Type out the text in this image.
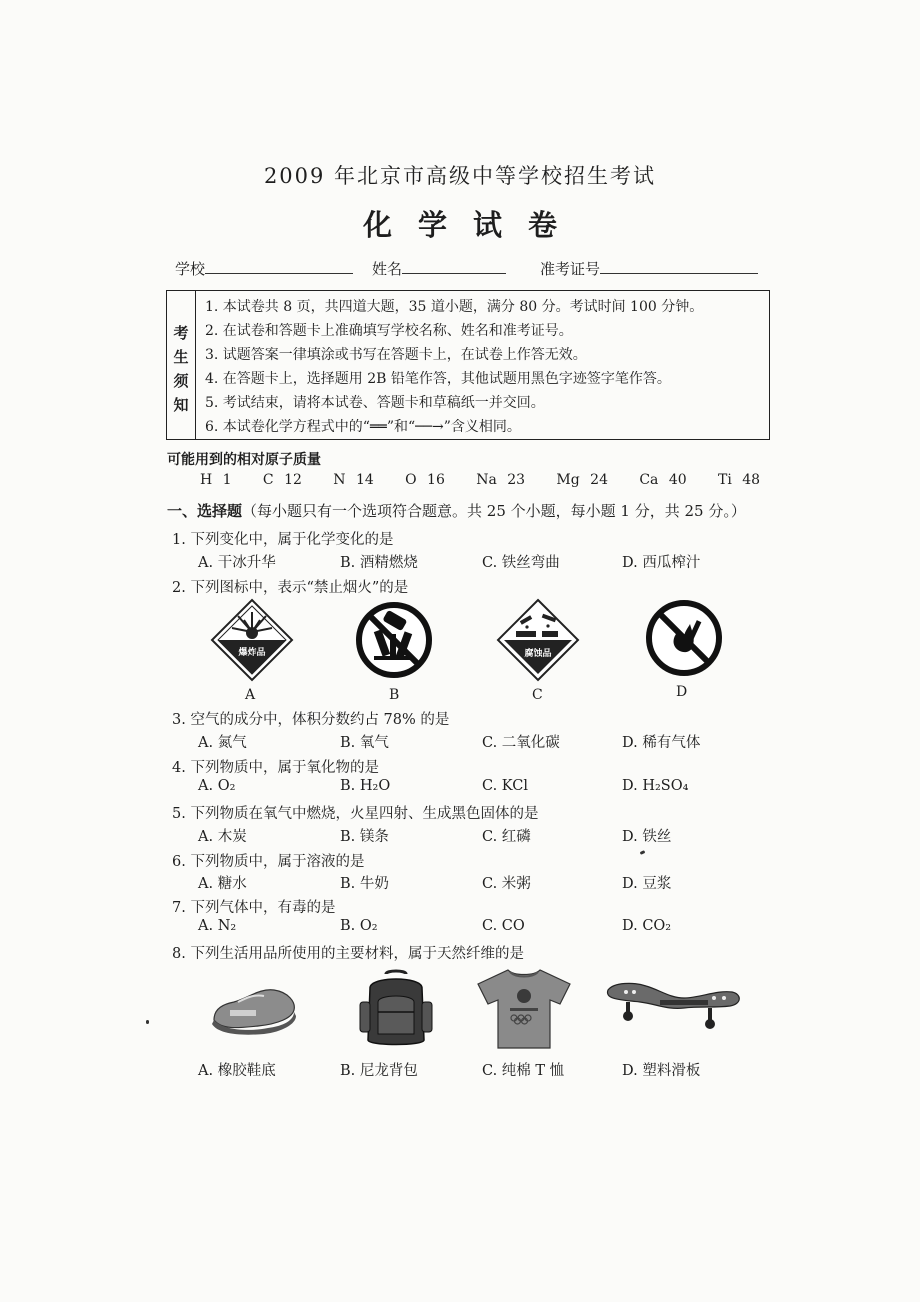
2009 年北京市高级中等学校招生考试
化学试卷
学校	姓名	准考证号
考
生
须
知
1. 本试卷共 8 页，共四道大题，35 道小题，满分 80 分。考试时间 100 分钟。
2. 在试卷和答题卡上准确填写学校名称、姓名和准考证号。
3. 试题答案一律填涂或书写在答题卡上，在试卷上作答无效。
4. 在答题卡上，选择题用 2B 铅笔作答，其他试题用黑色字迹签字笔作答。
5. 考试结束，请将本试卷、答题卡和草稿纸一并交回。
6. 本试卷化学方程式中的“══”和“──→”含义相同。
可能用到的相对原子质量
H 1   C 12   N 14   O 16   Na 23   Mg 24   Ca 40   Ti 48
一、选择题（每小题只有一个选项符合题意。共 25 个小题，每小题 1 分，共 25 分。）
1. 下列变化中，属于化学变化的是
A. 干冰升华	B. 酒精燃烧	C. 铁丝弯曲	D. 西瓜榨汁
2. 下列图标中，表示“禁止烟火”的是
爆炸品	腐蚀品
A	B	C	D
3. 空气的成分中，体积分数约占 78% 的是
A. 氮气	B. 氧气	C. 二氧化碳	D. 稀有气体
4. 下列物质中，属于氧化物的是
A. O₂	B. H₂O	C. KCl	D. H₂SO₄
5. 下列物质在氧气中燃烧，火星四射、生成黑色固体的是
A. 木炭	B. 镁条	C. 红磷	D. 铁丝
6. 下列物质中，属于溶液的是
A. 糖水	B. 牛奶	C. 米粥	D. 豆浆
7. 下列气体中，有毒的是
A. N₂	B. O₂	C. CO	D. CO₂
8. 下列生活用品所使用的主要材料，属于天然纤维的是
A. 橡胶鞋底	B. 尼龙背包	C. 纯棉 T 恤	D. 塑料滑板
